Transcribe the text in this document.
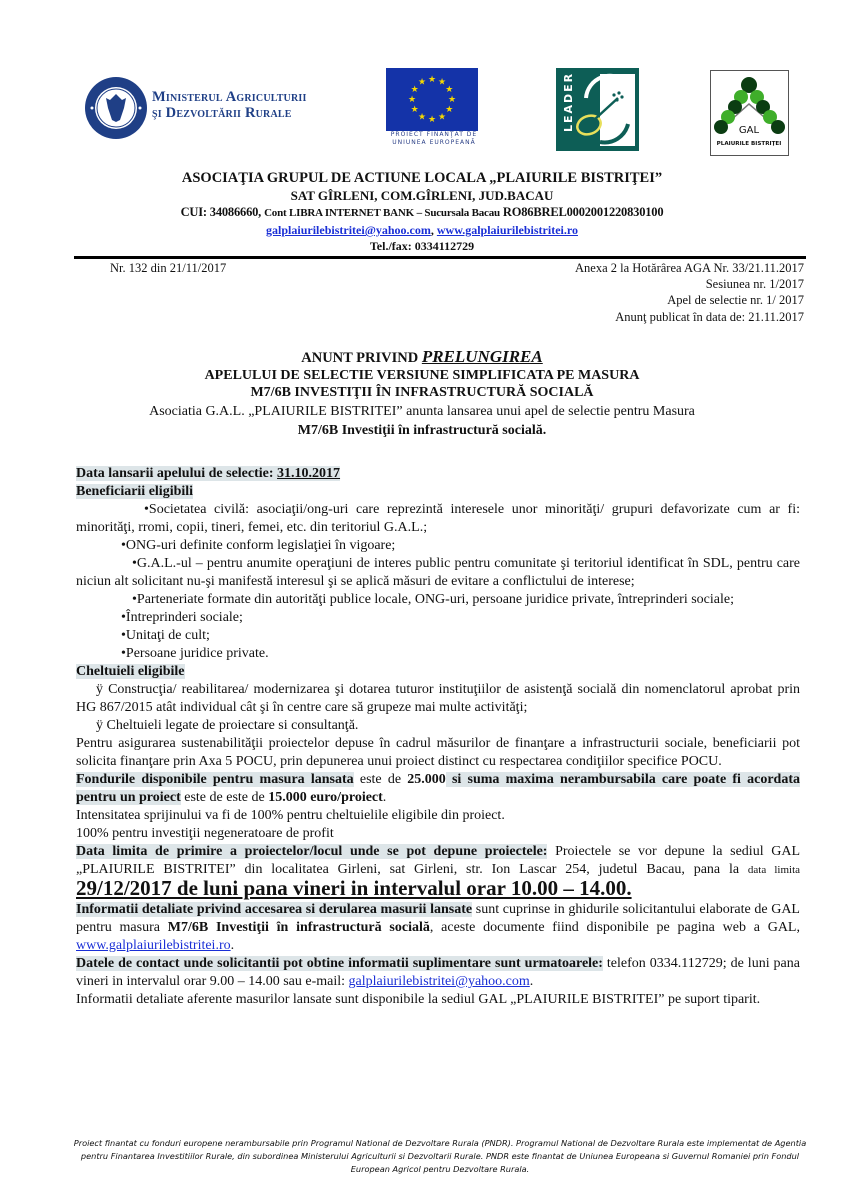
Ministerul Agriculturii
şi Dezvoltării Rurale
★ ★
★
★
★
★
★
★
★
★
★
★
PROIECT FINANŢAT DE
UNIUNEA EUROPEANĂ
LEADER	GAL
PLAIURILE BISTRIŢEI
ASOCIAŢIA GRUPUL DE ACTIUNE LOCALA „PLAIURILE BISTRIŢEI”
SAT GÎRLENI, COM.GÎRLENI, JUD.BACAU
CUI: 34086660, Cont LIBRA INTERNET BANK – Sucursala Bacau RO86BREL0002001220830100
galplaiurilebistritei@yahoo.com, www.galplaiurilebistritei.ro
Tel./fax: 0334112729
Nr. 132 din 21/11/2017	Anexa 2 la Hotărârea AGA Nr. 33/21.11.2017
Sesiunea nr. 1/2017
Apel de selectie nr. 1/ 2017
Anunţ publicat în data de: 21.11.2017
ANUNT PRIVIND PRELUNGIREA
APELULUI DE SELECTIE VERSIUNE SIMPLIFICATA PE MASURA
M7/6B INVESTIŢII ÎN INFRASTRUCTURĂ SOCIALĂ
Asociatia G.A.L. „PLAIURILE BISTRITEI” anunta lansarea unui apel de selectie pentru Masura
M7/6B Investiţii în infrastructură socială.

Data lansarii apelului de selectie: 31.10.2017

Beneficiarii eligibili

•Societatea civilă: asociaţii/ong-uri care reprezintă interesele unor minorităţi/ grupuri defavorizate cum ar fi: minorităţi, rromi, copii, tineri, femei, etc. din teritoriul G.A.L.;

•ONG-uri definite conform legislaţiei în vigoare;

•G.A.L.-ul – pentru anumite operaţiuni de interes public pentru comunitate şi teritoriul identificat în SDL, pentru care niciun alt solicitant nu-şi manifestă interesul şi se aplică măsuri de evitare a conflictului de interese;

•Parteneriate formate din autorităţi publice locale, ONG-uri, persoane juridice private, întreprinderi sociale;

•Întreprinderi sociale;

•Unitaţi de cult;

•Persoane juridice private.

Cheltuieli eligibile

ÿ Construcţia/ reabilitarea/ modernizarea şi dotarea tuturor instituţiilor de asistenţă socială din nomenclatorul aprobat prin HG 867/2015 atât individual cât şi în centre care să grupeze mai multe activităţi;

ÿ Cheltuieli legate de proiectare si consultanţă.

Pentru asigurarea sustenabilităţii proiectelor depuse în cadrul măsurilor de finanţare a infrastructurii sociale, beneficiarii pot solicita finanţare prin Axa 5 POCU, prin depunerea unui proiect distinct cu respectarea condiţiilor specifice POCU.

Fondurile disponibile pentru masura lansata este de 25.000 si suma maxima nerambursabila care poate fi acordata pentru un proiect este de este de 15.000 euro/proiect.

Intensitatea sprijinului va fi de 100% pentru cheltuielile eligibile din proiect.

100% pentru investiţii negeneratoare de profit

Data limita de primire a proiectelor/locul unde se pot depune proiectele: Proiectele se vor depune la sediul GAL „PLAIURILE BISTRITEI” din localitatea Girleni, sat Girleni, str. Ion Lascar 254, judetul Bacau, pana la data limita 29/12/2017 de luni pana vineri in intervalul orar 10.00 – 14.00.

Informatii detaliate privind accesarea si derularea masurii lansate sunt cuprinse in ghidurile solicitantului elaborate de GAL pentru masura M7/6B Investiţii în infrastructură socială, aceste documente fiind disponibile pe pagina web a GAL, www.galplaiurilebistritei.ro.

Datele de contact unde solicitantii pot obtine informatii suplimentare sunt urmatoarele: telefon 0334.112729; de luni pana vineri in intervalul orar 9.00 – 14.00 sau e-mail: galplaiurilebistritei@yahoo.com.

Informatii detaliate aferente masurilor lansate sunt disponibile la sediul GAL „PLAIURILE BISTRITEI” pe suport tiparit.

Proiect finantat cu fonduri europene nerambursabile prin Programul National de Dezvoltare Rurala (PNDR). Programul National de Dezvoltare Rurala este implementat de Agentia pentru Finantarea Investitiilor Rurale, din subordinea Ministerului Agriculturii si Dezvoltarii Rurale. PNDR este finantat de Uniunea Europeana si Guvernul Romaniei prin Fondul European Agricol pentru Dezvoltare Rurala.
